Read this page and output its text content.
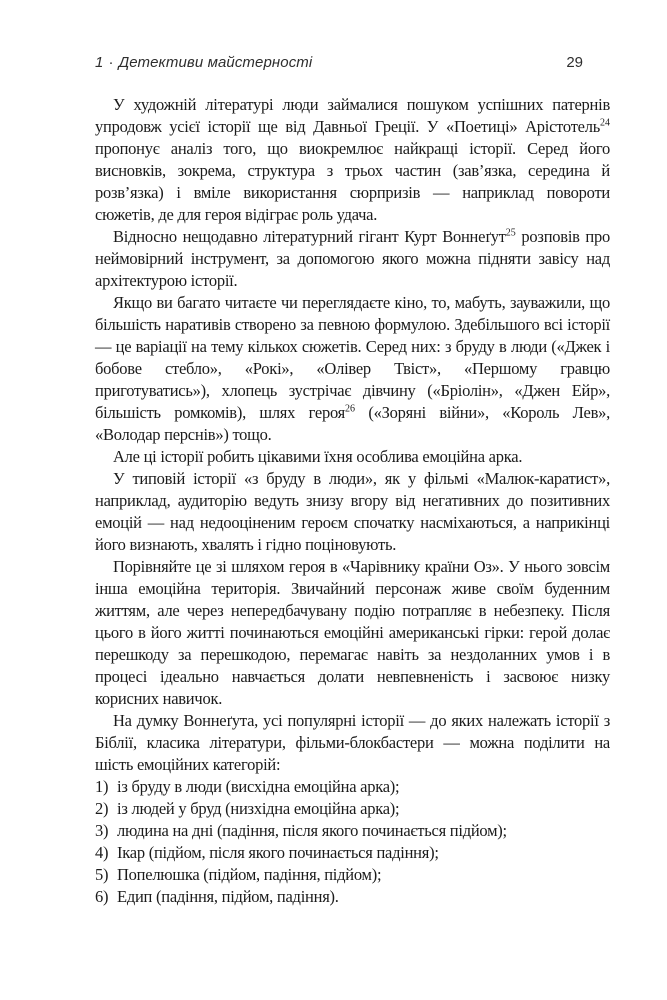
1 · Детективи майстерності	29

У художній літературі люди займалися пошуком успішних патернів упродовж усієї історії ще від Давньої Греції. У «Поетиці» Арістотель$^{24}$ пропонує аналіз того, що виокремлює найкращі історії. Серед його висновків, зокрема, структура з трьох частин (зав’язка, середина й розв’язка) і вміле використання сюрпризів — наприклад повороти сюжетів, де для героя відіграє роль удача.

Відносно нещодавно літературний гігант Курт Воннеґут$^{25}$ розповів про неймовірний інструмент, за допомогою якого можна підняти завісу над архітектурою історії.

Якщо ви багато читаєте чи переглядаєте кіно, то, мабуть, зауважили, що більшість наративів створено за певною формулою. Здебільшого всі історії — це варіації на тему кількох сюжетів. Серед них: з бруду в люди («Джек і бобове стебло», «Рокі», «Олівер Твіст», «Першому гравцю приготуватись»), хлопець зустрічає дівчину («Бріолін», «Джен Ейр», більшість ромкомів), шлях героя$^{26}$ («Зоряні війни», «Король Лев», «Володар перснів») тощо.

Але ці історії робить цікавими їхня особлива емоційна арка.

У типовій історії «з бруду в люди», як у фільмі «Малюк-каратист», наприклад, аудиторію ведуть знизу вгору від негативних до позитивних емоцій — над недооціненим героєм спочатку насміхаються, а наприкінці його визнають, хвалять і гідно поціновують.

Порівняйте це зі шляхом героя в «Чарівнику країни Оз». У нього зовсім інша емоційна територія. Звичайний персонаж живе своїм буденним життям, але через непередбачувану подію потрапляє в небезпеку. Після цього в його житті починаються емоційні американські гірки: герой долає перешкоду за перешкодою, перемагає навіть за нездоланних умов і в процесі ідеально навчається долати невпевненість і засвоює низку корисних навичок.

На думку Воннеґута, усі популярні історії — до яких належать історії з Біблії, класика літератури, фільми-блокбастери — можна поділити на шість емоційних категорій:

1) із бруду в люди (висхідна емоційна арка);
2) із людей у бруд (низхідна емоційна арка);
3) людина на дні (падіння, після якого починається підйом);
4) Ікар (підйом, після якого починається падіння);
5) Попелюшка (підйом, падіння, підйом);
6) Едип (падіння, підйом, падіння).
